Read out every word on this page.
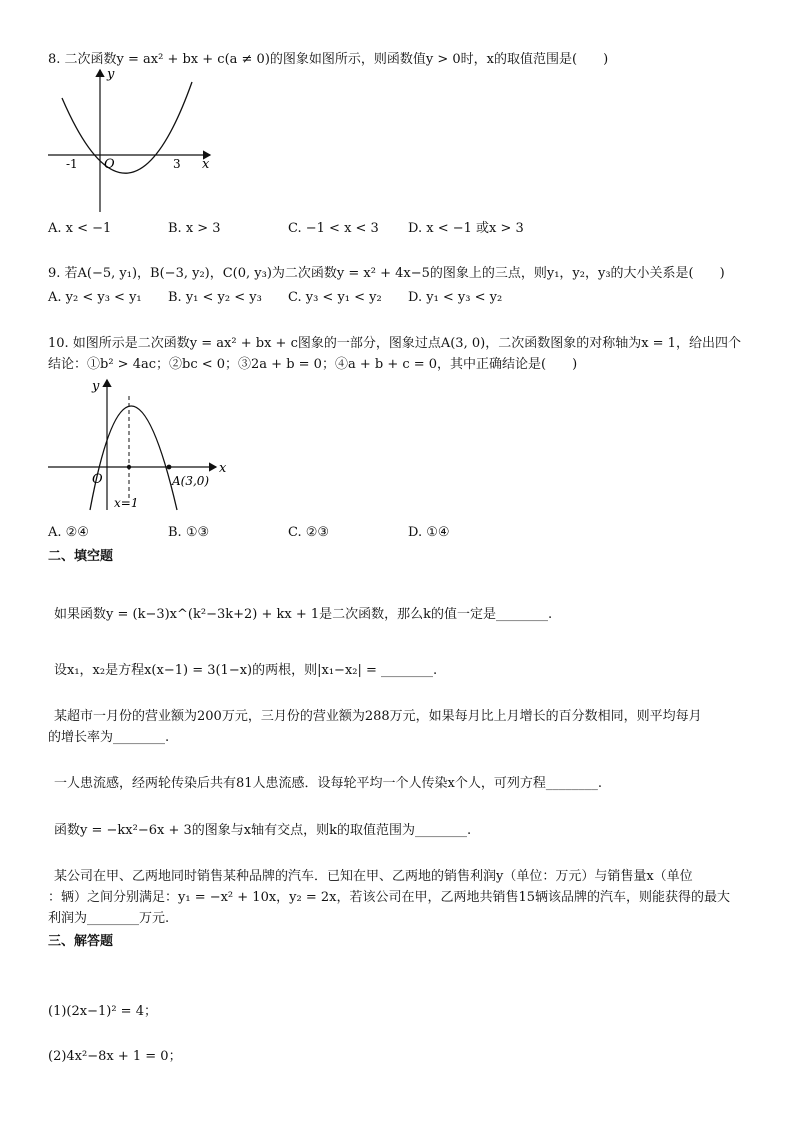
8. 二次函数y = ax² + bx + c(a ≠ 0)的图象如图所示，则函数值y > 0时，x的取值范围是(　　)
y
x
O
-1	3
A. x < −1	B. x > 3	C. −1 < x < 3 D. x < −1 或x > 3
9. 若A(−5, y₁)，B(−3, y₂)，C(0, y₃)为二次函数y = x² + 4x−5的图象上的三点，则y₁，y₂，y₃的大小关系是(　　)
A. y₂ < y₃ < y₁ B. y₁ < y₂ < y₃ C. y₃ < y₁ < y₂ D. y₁ < y₃ < y₂
10. 如图所示是二次函数y = ax² + bx + c图象的一部分，图象过点A(3, 0)，二次函数图象的对称轴为x = 1，给出四个
结论：①b² > 4ac；②bc < 0；③2a + b = 0；④a + b + c = 0，其中正确结论是(　　)
y
x
O	A(3,0)
x=1
A. ②④	B. ①③	C. ②③	D. ①④
二、填空题
如果函数y = (k−3)x^(k²−3k+2) + kx + 1是二次函数，那么k的值一定是________.
设x₁，x₂是方程x(x−1) = 3(1−x)的两根，则|x₁−x₂| = ________.
某超市一月份的营业额为200万元，三月份的营业额为288万元，如果每月比上月增长的百分数相同，则平均每月
的增长率为________.
一人患流感，经两轮传染后共有81人患流感．设每轮平均一个人传染x个人，可列方程________.
函数y = −kx²−6x + 3的图象与x轴有交点，则k的取值范围为________.
某公司在甲、乙两地同时销售某种品牌的汽车．已知在甲、乙两地的销售利润y（单位：万元）与销售量x（单位
：辆）之间分别满足：y₁ = −x² + 10x，y₂ = 2x，若该公司在甲，乙两地共销售15辆该品牌的汽车，则能获得的最大
利润为________万元.
三、解答题
(1)(2x−1)² = 4；
(2)4x²−8x + 1 = 0；
